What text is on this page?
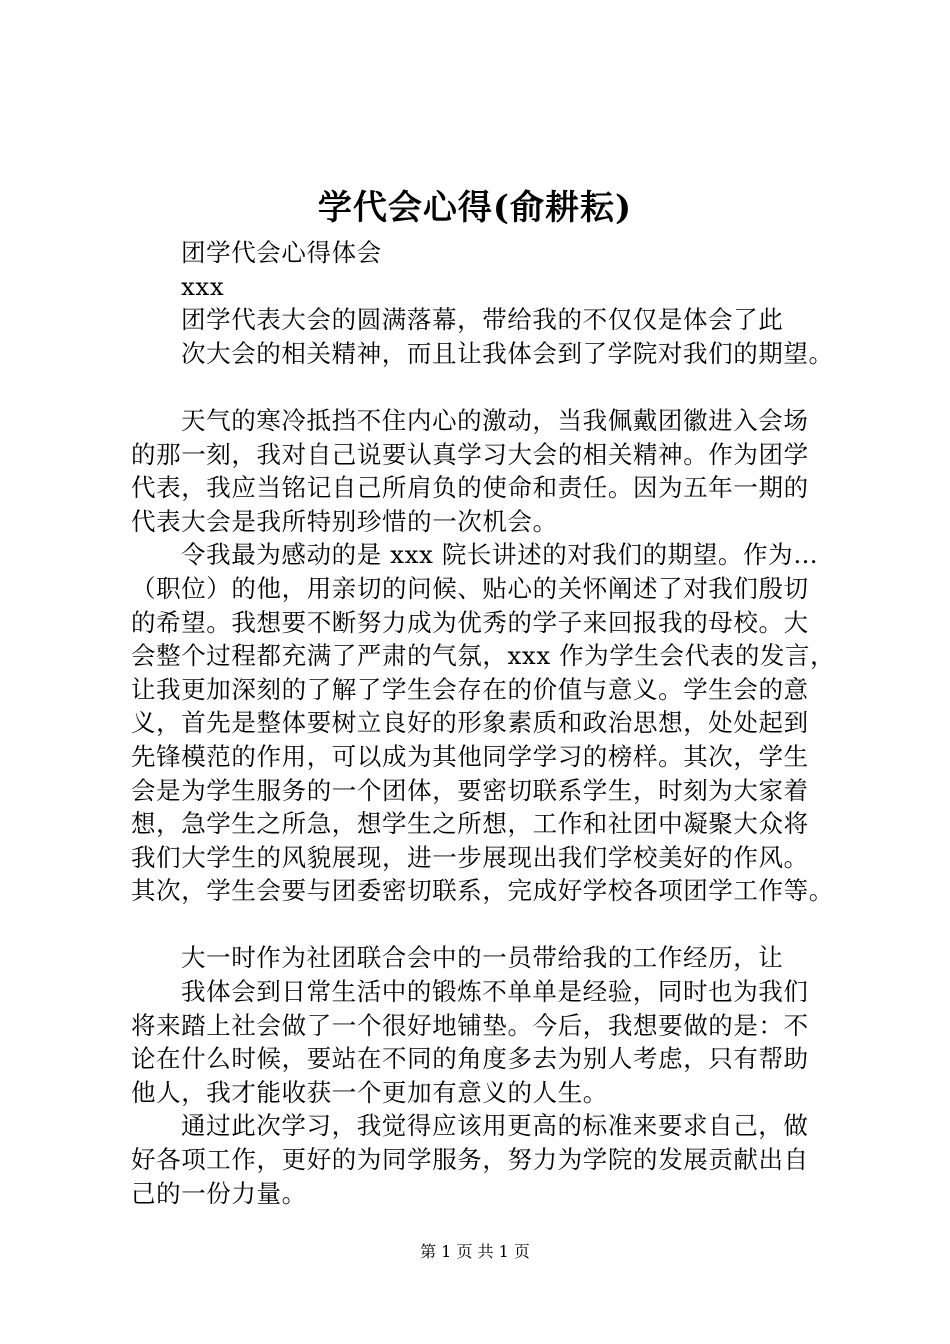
学代会心得(俞耕耘)
团学代会心得体会
xxx
团学代表大会的圆满落幕，带给我的不仅仅是体会了此
次大会的相关精神，而且让我体会到了学院对我们的期望。
天气的寒冷抵挡不住内心的激动，当我佩戴团徽进入会场
的那一刻，我对自己说要认真学习大会的相关精神。作为团学
代表，我应当铭记自己所肩负的使命和责任。因为五年一期的
代表大会是我所特别珍惜的一次机会。
令我最为感动的是 xxx 院长讲述的对我们的期望。作为…
（职位）的他，用亲切的问候、贴心的关怀阐述了对我们殷切
的希望。我想要不断努力成为优秀的学子来回报我的母校。大
会整个过程都充满了严肃的气氛，xxx 作为学生会代表的发言，
让我更加深刻的了解了学生会存在的价值与意义。学生会的意
义，首先是整体要树立良好的形象素质和政治思想，处处起到
先锋模范的作用，可以成为其他同学学习的榜样。其次，学生
会是为学生服务的一个团体，要密切联系学生，时刻为大家着
想，急学生之所急，想学生之所想，工作和社团中凝聚大众将
我们大学生的风貌展现，进一步展现出我们学校美好的作风。
其次，学生会要与团委密切联系，完成好学校各项团学工作等。
大一时作为社团联合会中的一员带给我的工作经历，让
我体会到日常生活中的锻炼不单单是经验，同时也为我们
将来踏上社会做了一个很好地铺垫。今后，我想要做的是：不
论在什么时候，要站在不同的角度多去为别人考虑，只有帮助
他人，我才能收获一个更加有意义的人生。
通过此次学习，我觉得应该用更高的标准来要求自己，做
好各项工作，更好的为同学服务，努力为学院的发展贡献出自
己的一份力量。

第 1 页 共 1 页
